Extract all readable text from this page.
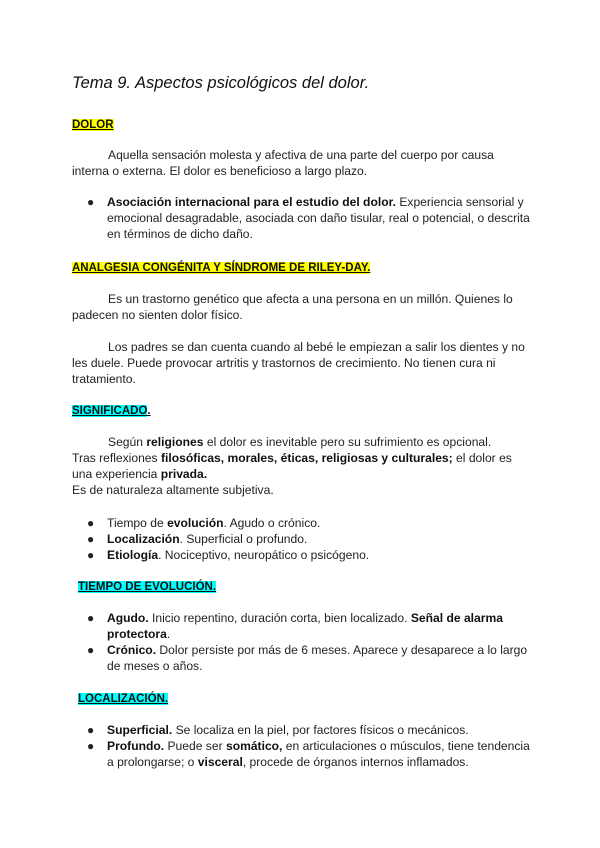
Tema 9. Aspectos psicológicos del dolor.
DOLOR
Aquella sensación molesta y afectiva de una parte del cuerpo por causa interna o externa. El dolor es beneficioso a largo plazo.
● Asociación internacional para el estudio del dolor. Experiencia sensorial y emocional desagradable, asociada con daño tisular, real o potencial, o descrita en términos de dicho daño.
ANALGESIA CONGÉNITA Y SÍNDROME DE RILEY-DAY.
Es un trastorno genético que afecta a una persona en un millón. Quienes lo padecen no sienten dolor físico.
Los padres se dan cuenta cuando al bebé le empiezan a salir los dientes y no les duele. Puede provocar artritis y trastornos de crecimiento. No tienen cura ni tratamiento.
SIGNIFICADO.
Según religiones el dolor es inevitable pero su sufrimiento es opcional.
Tras reflexiones filosóficas, morales, éticas, religiosas y culturales; el dolor es una experiencia privada.
Es de naturaleza altamente subjetiva.
● Tiempo de evolución. Agudo o crónico.
● Localización. Superficial o profundo.
● Etiología. Nociceptivo, neuropático o psicógeno.
TIEMPO DE EVOLUCIÓN.
● Agudo. Inicio repentino, duración corta, bien localizado. Señal de alarma protectora.
● Crónico. Dolor persiste por más de 6 meses. Aparece y desaparece a lo largo de meses o años.
LOCALIZACIÓN.
● Superficial. Se localiza en la piel, por factores físicos o mecánicos.
● Profundo. Puede ser somático, en articulaciones o músculos, tiene tendencia a prolongarse; o visceral, procede de órganos internos inflamados.
